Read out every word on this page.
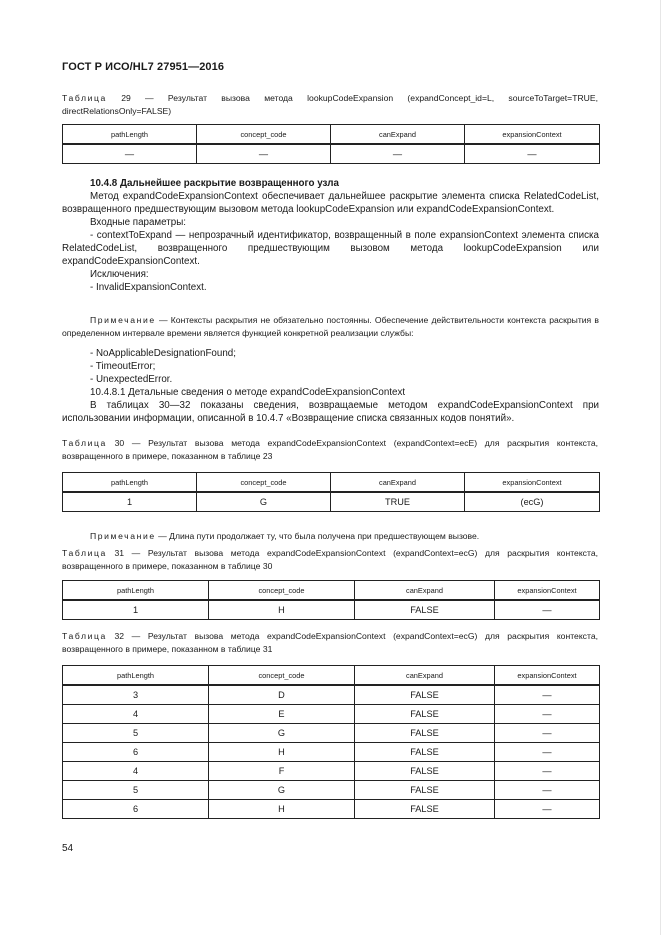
ГОСТ Р ИСО/HL7 27951—2016
Таблица 29 — Результат вызова метода lookupCodeExpansion (expandConcept_id=L, sourceToTarget=TRUE, directRelationsOnly=FALSE)
pathLength	concept_code	canExpand	expansionContext
—	—	—	—
10.4.8 Дальнейшее раскрытие возвращенного узла
Метод expandCodeExpansionContext обеспечивает дальнейшее раскрытие элемента списка RelatedCodeList, возвращенного предшествующим вызовом метода lookupCodeExpansion или expandCodeExpansionContext.
Входные параметры:
- contextToExpand — непрозрачный идентификатор, возвращенный в поле expansionContext элемента списка RelatedCodeList, возвращенного предшествующим вызовом метода lookupCodeExpansion или expandCodeExpansionContext.
Исключения:
- InvalidExpansionContext.
Примечание — Контексты раскрытия не обязательно постоянны. Обеспечение действительности контекста раскрытия в определенном интервале времени является функцией конкретной реализации службы:
- NoApplicableDesignationFound;
- TimeoutError;
- UnexpectedError.
10.4.8.1 Детальные сведения о методе expandCodeExpansionContext
В таблицах 30—32 показаны сведения, возвращаемые методом expandCodeExpansionContext при использовании информации, описанной в 10.4.7 «Возвращение списка связанных кодов понятий».
Таблица 30 — Результат вызова метода expandCodeExpansionContext (expandContext=ecE) для раскрытия контекста, возвращенного в примере, показанном в таблице 23
pathLength	concept_code	canExpand	expansionContext
1	G	TRUE	(ecG)
Примечание — Длина пути продолжает ту, что была получена при предшествующем вызове.
Таблица 31 — Результат вызова метода expandCodeExpansionContext (expandContext=ecG) для раскрытия контекста, возвращенного в примере, показанном в таблице 30
pathLength	concept_code	canExpand	expansionContext
1	H	FALSE	—
Таблица 32 — Результат вызова метода expandCodeExpansionContext (expandContext=ecG) для раскрытия контекста, возвращенного в примере, показанном в таблице 31
pathLength	concept_code	canExpand	expansionContext
3	D	FALSE	—
4	E	FALSE	—
5	G	FALSE	—
6	H	FALSE	—
4	F	FALSE	—
5	G	FALSE	—
6	H	FALSE	—
54
